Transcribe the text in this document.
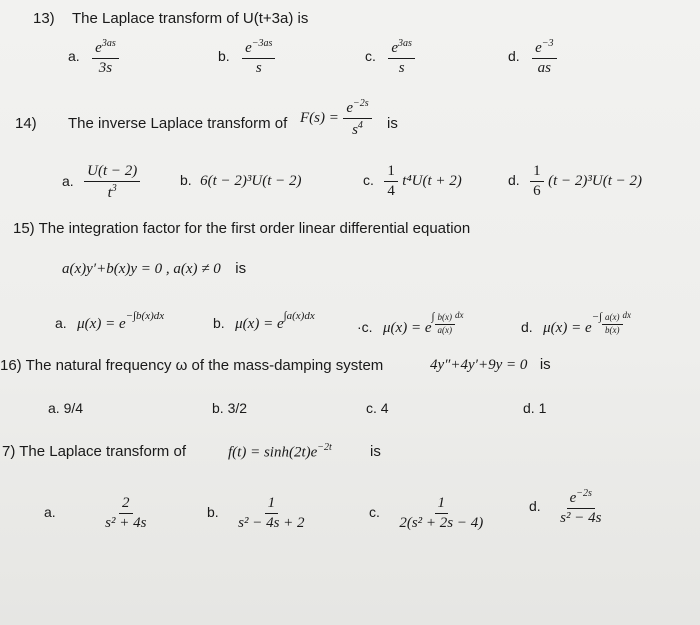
13) The Laplace transform of U(t+3a) is
a. $\frac{e^{3as}}{3s}$	b. $\frac{e^{-3as}}{s}$	c. $\frac{e^{3as}}{s}$	d. $\frac{e^{-3}}{as}$
14) The inverse Laplace transform of $F(s) = \frac{e^{-2s}}{s^4}$ is
a. $\frac{U(t - 2)}{t^3}$	b. 6(t − 2)³U(t − 2)	c. $\frac{1}{4} t^4U(t + 2)$	d. $\frac{1}{6} (t - 2)^3U(t - 2)$
15) The integration factor for the first order linear differential equation
a(x)y′+b(x)y = 0 , a(x) ≠ 0 is
a. $\mu(x) = e^{-\int b(x)dx}$	b. $\mu(x) = e^{\int a(x)dx}$
·c. $\mu(x) = e^\int \frac{b(x)}{a(x)} ^{dx}$
d. $\mu(x) = e^{-\int} \frac{a(x)}{b(x)} ^{dx}$
16) The natural frequency ω of the mass-damping system	4y″+4y′+9y = 0 is
a. 9/4	b. 3/2	c. 4	d. 1
7) The Laplace transform of	$f(t) = \sinh(2t)e^{-2t}$	is
a.	$\frac{2}{\text{s² + 4s}}$	b. $\frac{1}{\text{s² − 4s + 2}}$	c. $\frac{1}{\text{2(s² + 2s − 4)}}$	d. $\frac{e^{-2s}}{\text{s² − 4s}}$
